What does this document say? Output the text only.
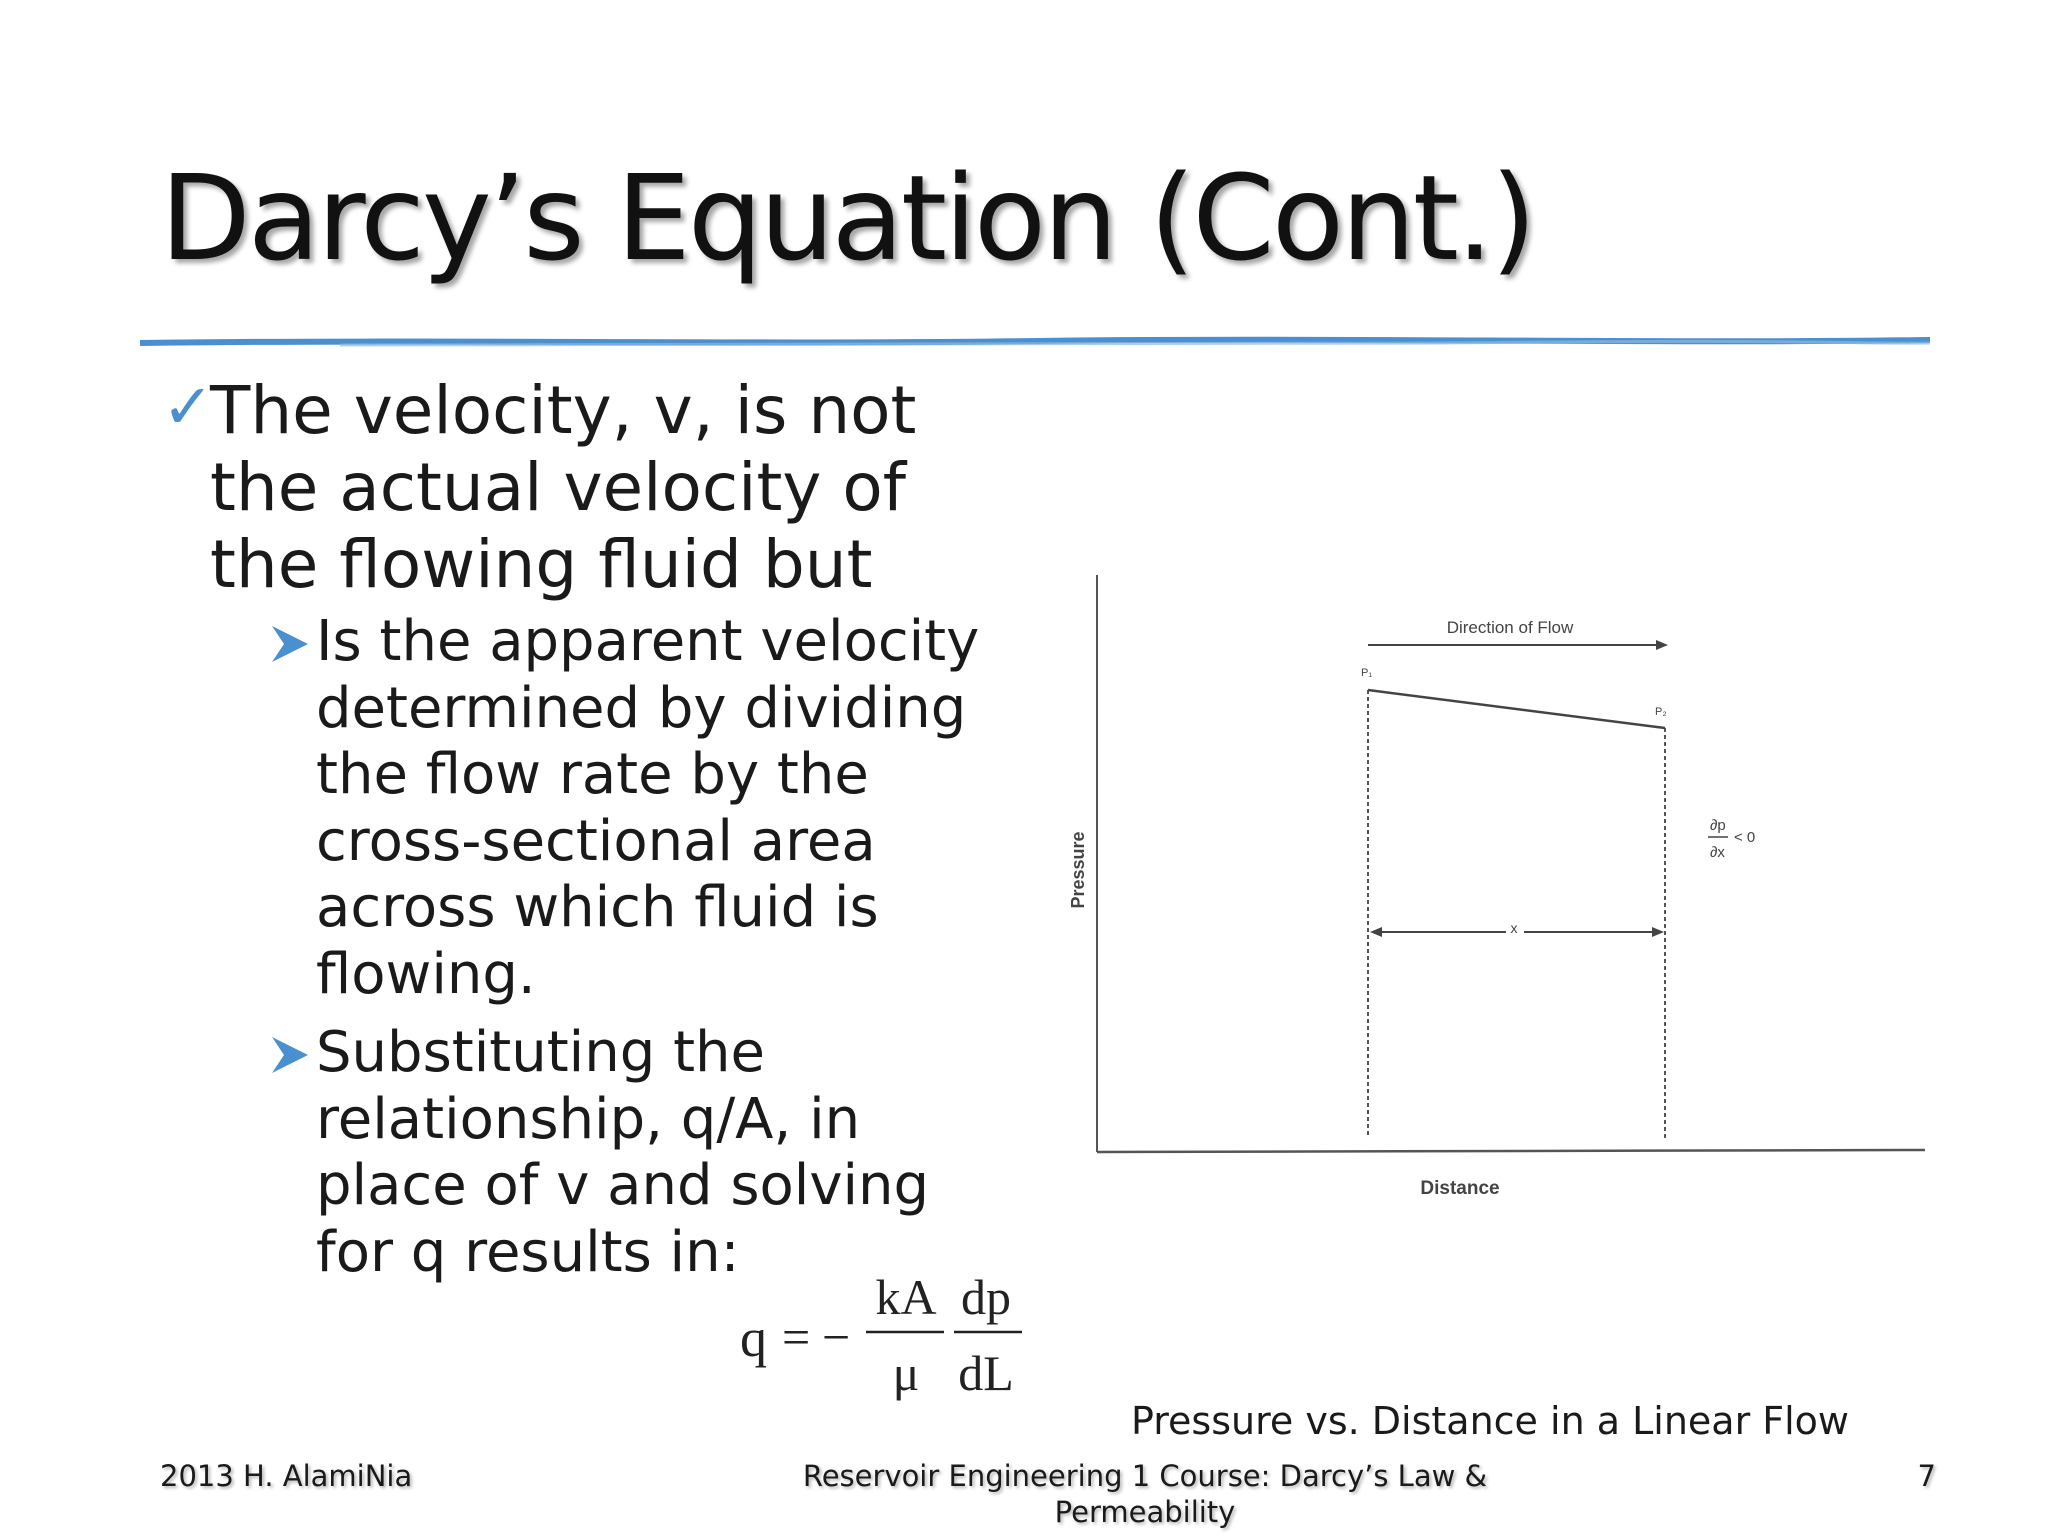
Darcy’s Equation (Cont.)

✓
The velocity, v, is not
the actual velocity of
the flowing fluid but

Is the apparent velocity
determined by dividing
the flow rate by the
cross-sectional area
across which fluid is
flowing.

Substituting the
relationship, q/A, in
place of v and solving
for q results in:

q = −
kA
μ
dp
dL
Pressure
Distance
P₁
P₂
Direction of Flow
x
∂p
∂x
< 0
Pressure vs. Distance in a Linear Flow
2013 H. AlamiNia	Reservoir Engineering 1 Course: Darcy’s Law & Permeability
7
